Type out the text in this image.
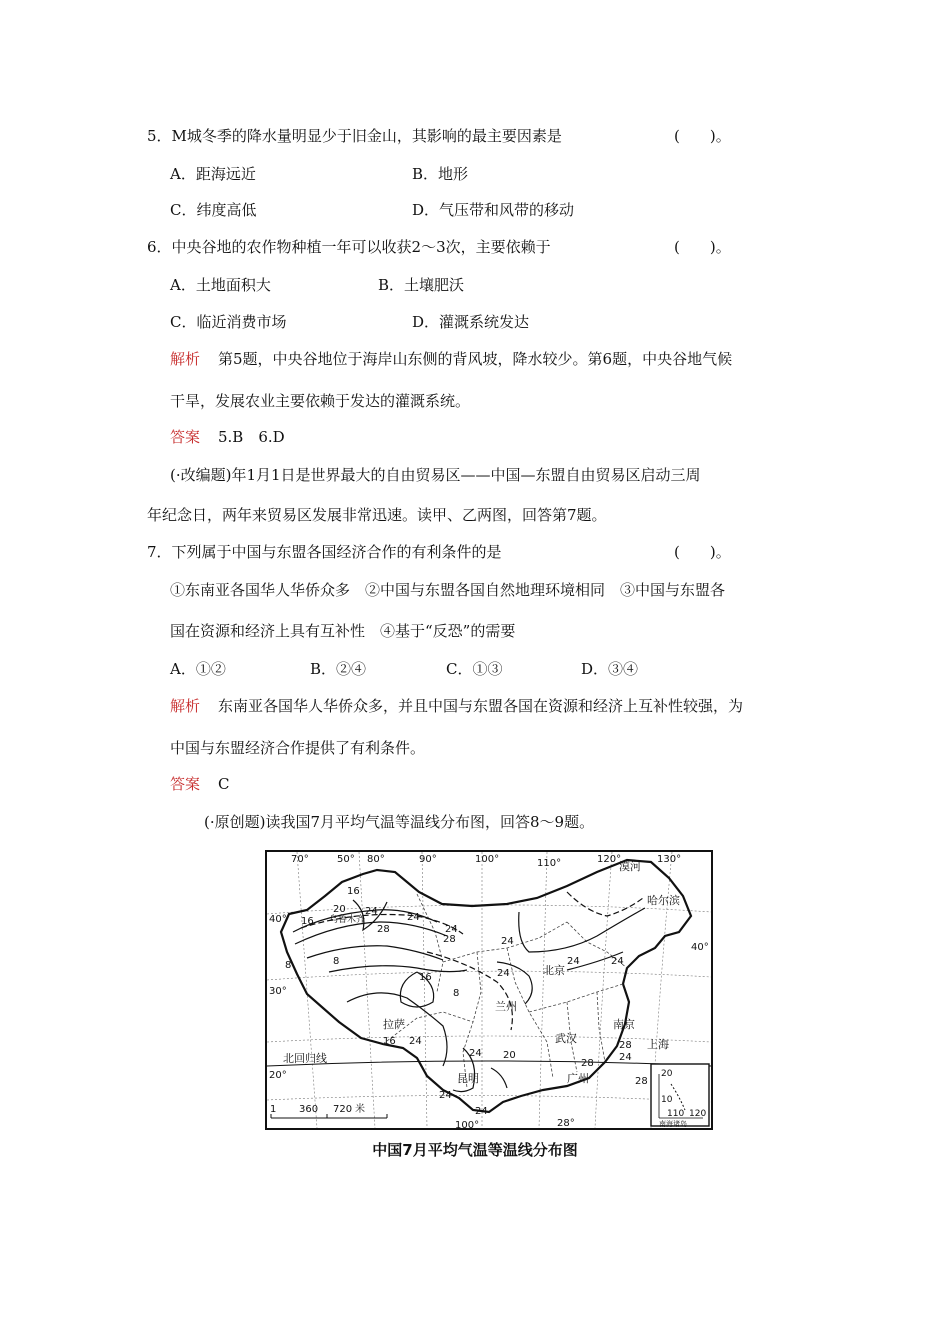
5．M城冬季的降水量明显少于旧金山，其影响的最主要因素是	(　　)。
A．距海远近	B．地形
C．纬度高低	D．气压带和风带的移动
6．中央谷地的农作物种植一年可以收获2～3次，主要依赖于	(　　)。
A．土地面积大	B．土壤肥沃
C．临近消费市场	D．灌溉系统发达
解析 第5题，中央谷地位于海岸山东侧的背风坡，降水较少。第6题，中央谷地气候
干旱，发展农业主要依赖于发达的灌溉系统。
答案 5.B　6.D
(·改编题)年1月1日是世界最大的自由贸易区——中国—东盟自由贸易区启动三周
年纪念日，两年来贸易区发展非常迅速。读甲、乙两图，回答第7题。
7．下列属于中国与东盟各国经济合作的有利条件的是	(　　)。
①东南亚各国华人华侨众多　②中国与东盟各国自然地理环境相同　③中国与东盟各
国在资源和经济上具有互补性　④基于“反恐”的需要
A．①②	B．②④	C．①③	D．③④
解析 东南亚各国华人华侨众多，并且中国与东盟各国在资源和经济上互补性较强，为
中国与东盟经济合作提供了有利条件。
答案 C
(·原创题)读我国7月平均气温等温线分布图，回答8～9题。
70°	80°	90°	100°	110°	120°	130°
50°
40°
30°
20°
40°
28°
100°
乌鲁木齐
哈尔滨
漠河
北京
兰州
拉萨	南京
上海
武汉
昆明	广州
16
20 24
28
8
16	24
16
24
8
8
24
28
24
16 24
20
24
24
24
28
28
24
28
24	24
北回归线
1 360 720 米
20
10
110 120
南海诸岛
中国7月平均气温等温线分布图
